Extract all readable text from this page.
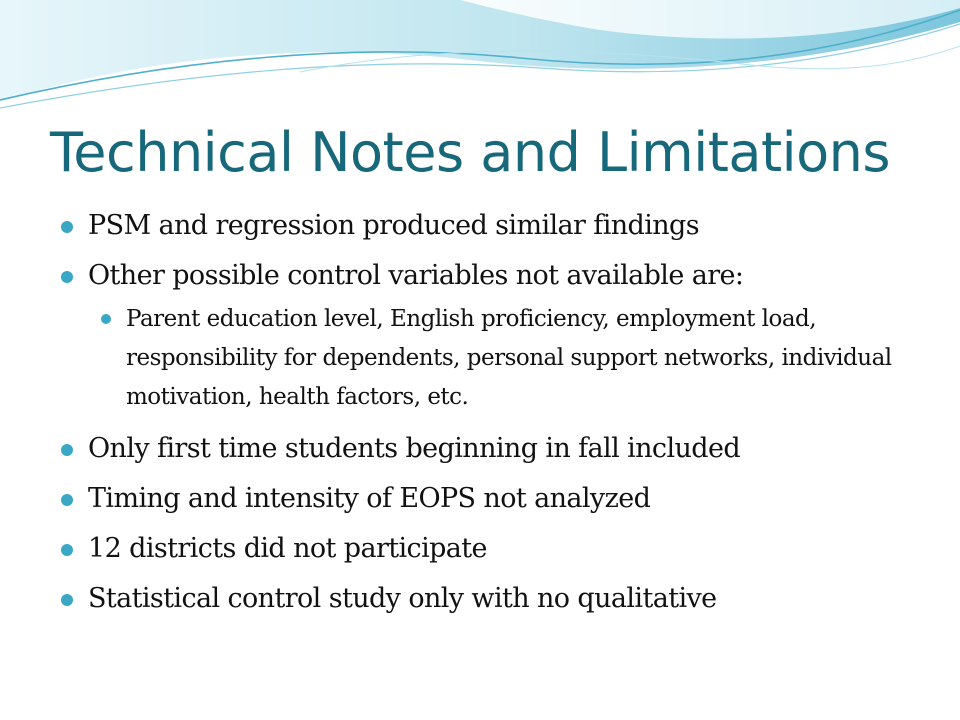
Technical Notes and Limitations
PSM and regression produced similar findings
Other possible control variables not available are:
Parent education level, English proficiency, employment load, responsibility for dependents, personal support networks, individual motivation, health factors, etc.
Only first time students beginning in fall included
Timing and intensity of EOPS not analyzed
12 districts did not participate
Statistical control study only with no qualitative
